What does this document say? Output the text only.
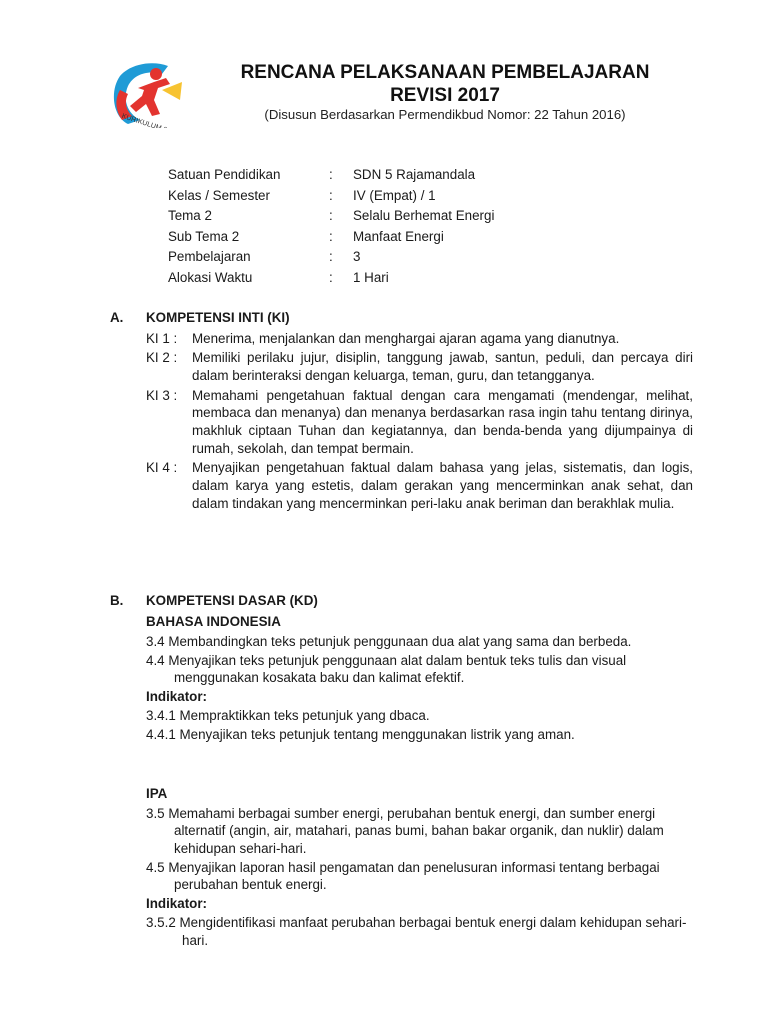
KURIKULUM 2013
RENCANA PELAKSANAAN PEMBELAJARAN
REVISI 2017
(Disusun Berdasarkan Permendikbud Nomor: 22 Tahun 2016)
Satuan Pendidikan	:	SDN 5 Rajamandala
Kelas / Semester	:	IV (Empat) / 1
Tema 2	:	Selalu Berhemat Energi
Sub Tema 2	:	Manfaat Energi
Pembelajaran	:	3
Alokasi Waktu	:	1 Hari
A.	KOMPETENSI INTI (KI)
KI 1 :	Menerima, menjalankan dan menghargai ajaran agama yang dianutnya.
KI 2 :	Memiliki perilaku jujur, disiplin, tanggung jawab, santun, peduli, dan percaya diri dalam berinteraksi dengan keluarga, teman, guru, dan tetangganya.
KI 3 :	Memahami pengetahuan faktual dengan cara mengamati (mendengar, melihat, membaca dan menanya) dan menanya berdasarkan rasa ingin tahu tentang dirinya, makhluk ciptaan Tuhan dan kegiatannya, dan benda-benda yang dijumpainya di rumah, sekolah, dan tempat bermain.
KI 4 :	Menyajikan pengetahuan faktual dalam bahasa yang jelas, sistematis, dan logis, dalam karya yang estetis, dalam gerakan yang mencerminkan anak sehat, dan dalam tindakan yang mencerminkan peri-laku anak beriman dan berakhlak mulia.
B.	KOMPETENSI DASAR (KD)
BAHASA INDONESIA
3.4 Membandingkan teks petunjuk penggunaan dua alat yang sama dan berbeda.
4.4 Menyajikan teks petunjuk penggunaan alat dalam bentuk teks tulis dan visual menggunakan kosakata baku dan kalimat efektif.
Indikator:
3.4.1 Mempraktikkan teks petunjuk yang dbaca.
4.4.1 Menyajikan teks petunjuk tentang menggunakan listrik yang aman.
IPA
3.5 Memahami berbagai sumber energi, perubahan bentuk energi, dan sumber energi alternatif (angin, air, matahari, panas bumi, bahan bakar organik, dan nuklir) dalam kehidupan sehari-hari.
4.5 Menyajikan laporan hasil pengamatan dan penelusuran informasi tentang berbagai perubahan bentuk energi.
Indikator:
3.5.2 Mengidentifikasi manfaat perubahan berbagai bentuk energi dalam kehidupan sehari-hari.
